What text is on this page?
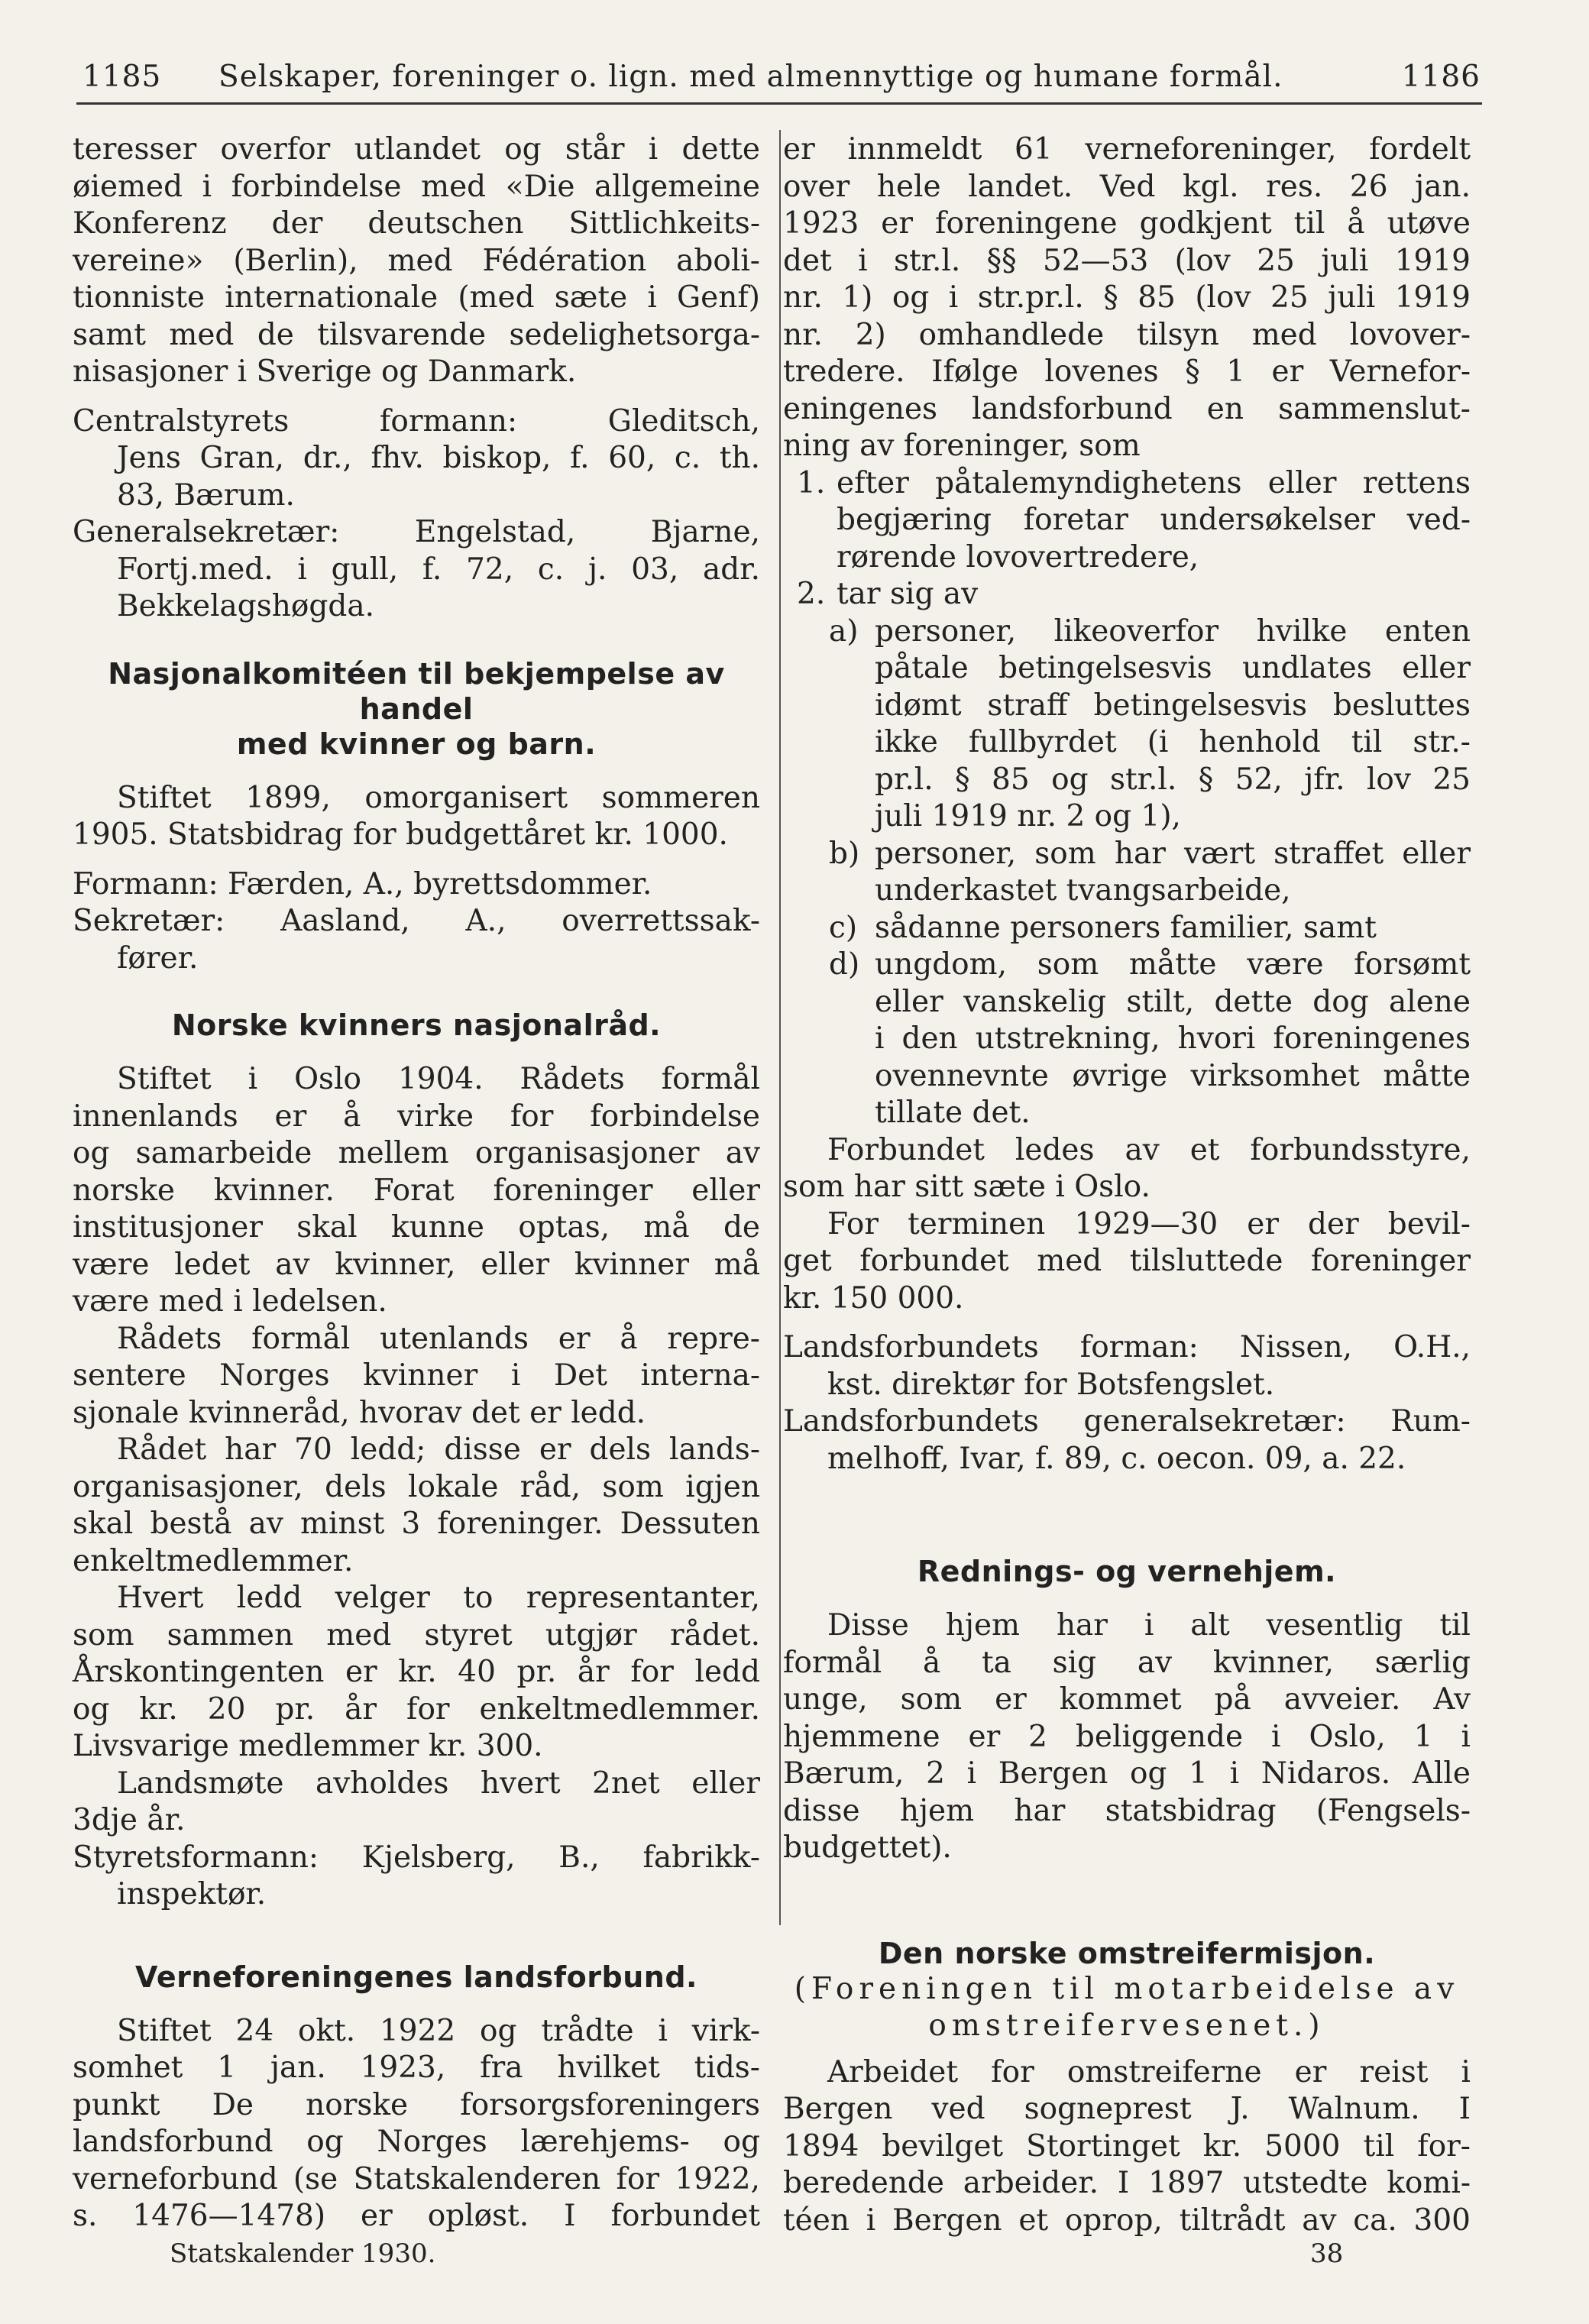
1185 Selskaper, foreninger o. lign. med almennyttige og humane formål.	1186

teresser overfor utlandet og står i dette

øiemed i forbindelse med «Die allgemeine

Konferenz der deutschen Sittlichkeits-

vereine» (Berlin), med Fédération aboli-

tionniste internationale (med sæte i Genf)

samt med de tilsvarende sedelighetsorga-

nisasjoner i Sverige og Danmark.

Centralstyrets formann: Gleditsch,

Jens Gran, dr., fhv. biskop, f. 60, c. th.

83, Bærum.

Generalsekretær: Engelstad, Bjarne,

Fortj.med. i gull, f. 72, c. j. 03, adr.

Bekkelagshøgda.

Nasjonalkomitéen til bekjempelse av handel

med kvinner og barn.

Stiftet 1899, omorganisert sommeren

1905. Statsbidrag for budgettåret kr. 1000.

Formann: Færden, A., byrettsdommer.

Sekretær: Aasland, A., overrettssak-

fører.

Norske kvinners nasjonalråd.

Stiftet i Oslo 1904. Rådets formål

innenlands er å virke for forbindelse

og samarbeide mellem organisasjoner av

norske kvinner. Forat foreninger eller

institusjoner skal kunne optas, må de

være ledet av kvinner, eller kvinner må

være med i ledelsen.

Rådets formål utenlands er å repre-

sentere Norges kvinner i Det interna-

sjonale kvinneråd, hvorav det er ledd.

Rådet har 70 ledd; disse er dels lands-

organisasjoner, dels lokale råd, som igjen

skal bestå av minst 3 foreninger. Dessuten

enkeltmedlemmer.

Hvert ledd velger to representanter,

som sammen med styret utgjør rådet.

Årskontingenten er kr. 40 pr. år for ledd

og kr. 20 pr. år for enkeltmedlemmer.

Livsvarige medlemmer kr. 300.

Landsmøte avholdes hvert 2net eller

3dje år.

Styretsformann: Kjelsberg, B., fabrikk-

inspektør.

Verneforeningenes landsforbund.

Stiftet 24 okt. 1922 og trådte i virk-

somhet 1 jan. 1923, fra hvilket tids-

punkt De norske forsorgsforeningers

landsforbund og Norges lærehjems- og

verneforbund (se Statskalenderen for 1922,

s. 1476—1478) er opløst. I forbundet

er innmeldt 61 verneforeninger, fordelt

over hele landet. Ved kgl. res. 26 jan.

1923 er foreningene godkjent til å utøve

det i str.l. §§ 52—53 (lov 25 juli 1919

nr. 1) og i str.pr.l. § 85 (lov 25 juli 1919

nr. 2) omhandlede tilsyn med lovover-

tredere. Ifølge lovenes § 1 er Vernefor-

eningenes landsforbund en sammenslut-

ning av foreninger, som

1. efter påtalemyndighetens eller rettens

begjæring foretar undersøkelser ved-

rørende lovovertredere,

2. tar sig av

a) personer, likeoverfor hvilke enten

påtale betingelsesvis undlates eller

idømt straff betingelsesvis besluttes

ikke fullbyrdet (i henhold til str.-

pr.l. § 85 og str.l. § 52, jfr. lov 25

juli 1919 nr. 2 og 1),

b) personer, som har vært straffet eller

underkastet tvangsarbeide,

c) sådanne personers familier, samt

d) ungdom, som måtte være forsømt

eller vanskelig stilt, dette dog alene

i den utstrekning, hvori foreningenes

ovennevnte øvrige virksomhet måtte

tillate det.

Forbundet ledes av et forbundsstyre,

som har sitt sæte i Oslo.

For terminen 1929—30 er der bevil-

get forbundet med tilsluttede foreninger

kr. 150 000.

Landsforbundets forman: Nissen, O.H.,

kst. direktør for Botsfengslet.

Landsforbundets generalsekretær: Rum-

melhoff, Ivar, f. 89, c. oecon. 09, a. 22.

Rednings- og vernehjem.

Disse hjem har i alt vesentlig til

formål å ta sig av kvinner, særlig

unge, som er kommet på avveier. Av

hjemmene er 2 beliggende i Oslo, 1 i

Bærum, 2 i Bergen og 1 i Nidaros. Alle

disse hjem har statsbidrag (Fengsels-

budgettet).

Den norske omstreifermisjon.

(Foreningen til motarbeidelse av

omstreifervesenet.)

Arbeidet for omstreiferne er reist i

Bergen ved sogneprest J. Walnum. I

1894 bevilget Stortinget kr. 5000 til for-

beredende arbeider. I 1897 utstedte komi-

téen i Bergen et oprop, tiltrådt av ca. 300

Statskalender 1930.	38
